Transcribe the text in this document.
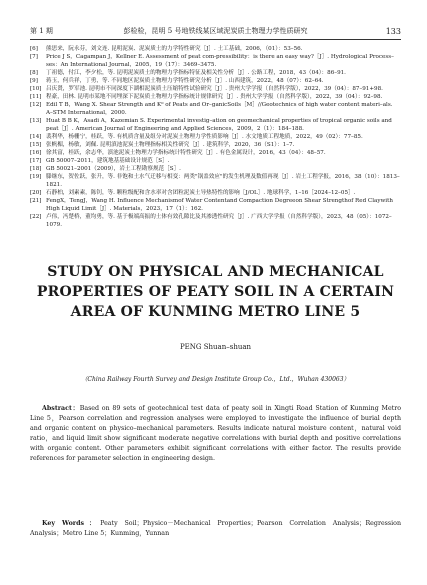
第 1 期	彭检检，昆明 5 号地铁线某区域泥炭质土物理力学性质研究	133

[6] 熊思来，阮永芬，刘文连. 昆明泥炭、泥炭质土的力学特性研究［J］. 土工基础，2006，（01）：53–56.

[7] Price J S，Cagampan J，Kellner E. Assessment of peat com-pressibility：is there an easy way?［J］. Hydrological Process–ses：An International Journal，2005，19（17）：3469–3475.

[8] 丁祖德，付江，李夕松，等. 昆明泥炭质土的物理力学指标特征及相关性分析［J］. 公路工程，2018，43（04）：86–91.

[9] 蒋玉，何兵祥，丁勇，等. 不同地区泥炭质土物理力学特性研究分析［J］. 山西建筑，2022，48（07）：62–64.

[10] 吕庆贤，罗军池. 昆明市不同深度下湖相泥炭质土压缩特性试验研究［J］. 贵州大学学报（自然科学版），2022，39（04）：87–91+98.

[11] 程豪，田林. 昆明市某地不同埋深下泥炭质土物理力学指标统计规律研究［J］. 贵州大学学报（自然科学版），2022，39（04）：92–98.

[12] Edil T B，Wang X. Shear Strength and K⁰ of Peats and Or–ganicSoils［M］//Geotechnics of high water content materi–als. A–STM International，2000.

[13] Huat B B K，Asadi A，Kazemian S. Experimental investig–ation on geomechanical properties of tropical organic soils and peat［J］. American Journal of Engineering and Applied Sciences，2009，2（1）：184–188.

[14] 裴利华，杨栅宁，桂跃，等. 有机质含量及组分对泥炭土物理力学性质影响［J］. 水文地质工程地质，2022，49（02）：77–85.

[15] 张帆楣，杨敏，刘佩. 昆明滇池泥炭土物理指标相关性研究［J］. 建筑科学，2020，36（S1）：1–7.

[16] 徐其富，桂跃，余志华，滇池泥炭土物理力学指标统计特性研究［J］. 有色金属设计，2016，43（04）：48–57.

[17] GB 50007–2011，建筑地基基础设计规范［S］.

[18] GB 50021–2001（2009），岩土工程勘察规范［S］.

[19] 滕继东，贺佐跃，张升，等. 非饱和土水气迁移与相变：两类"锅盖效应"的发生机理及数值再现［J］. 岩土工程学报，2016，38（10）：1813–1821.

[20] 石静柏，刘素素，陈钊，等. 颗粒级配和含水率对含团粒泥炭土导热特性的影响［J/OL］. 地球科学，1–16［2024–12–05］.

[21] FengX，TengJ，Wang H. Influence Mechanismof Water Contentand Compaction Degreeon Shear Strengthof Red Claywith High Liquid Limit［J］. Materials，2023，17（1）：162.

[22] 卢伟，冯楚桥，董均勇，等. 基于极端高振的土体有效孔隙比及其渗透性研究［J］. 广西大学学报（自然科学版），2023，48（05）：1072–1079.

STUDY ON PHYSICAL AND MECHANICAL
PROPERTIES OF PEATY SOIL IN A CERTAIN
AREA OF KUNMING METRO LINE 5
PENG Shuan–shuan
（China Railway Fourth Survey and Design Institute Group Co.，Ltd.，Wuhan 430063）
Abstract：Based on 89 sets of geotechnical test data of peaty soil in Xingti Road Station of Kunming Metro Line 5，Pearson correlation and regression analyses were employed to investigate the influence of burial depth and organic content on physico–mechanical parameters. Results indicate natural moisture content，natural void ratio，and liquid limit show significant moderate negative correlations with burial depth and positive correlations with organic content. Other parameters exhibit significant correlations with either factor. The results provide references for parameter selection in engineering design.
Key Words：Peaty Soil；Physico－Mechanical Properties；Pearson Correlation Analysis；Regression Analysis；Metro Line 5；Kunming，Yunnan
